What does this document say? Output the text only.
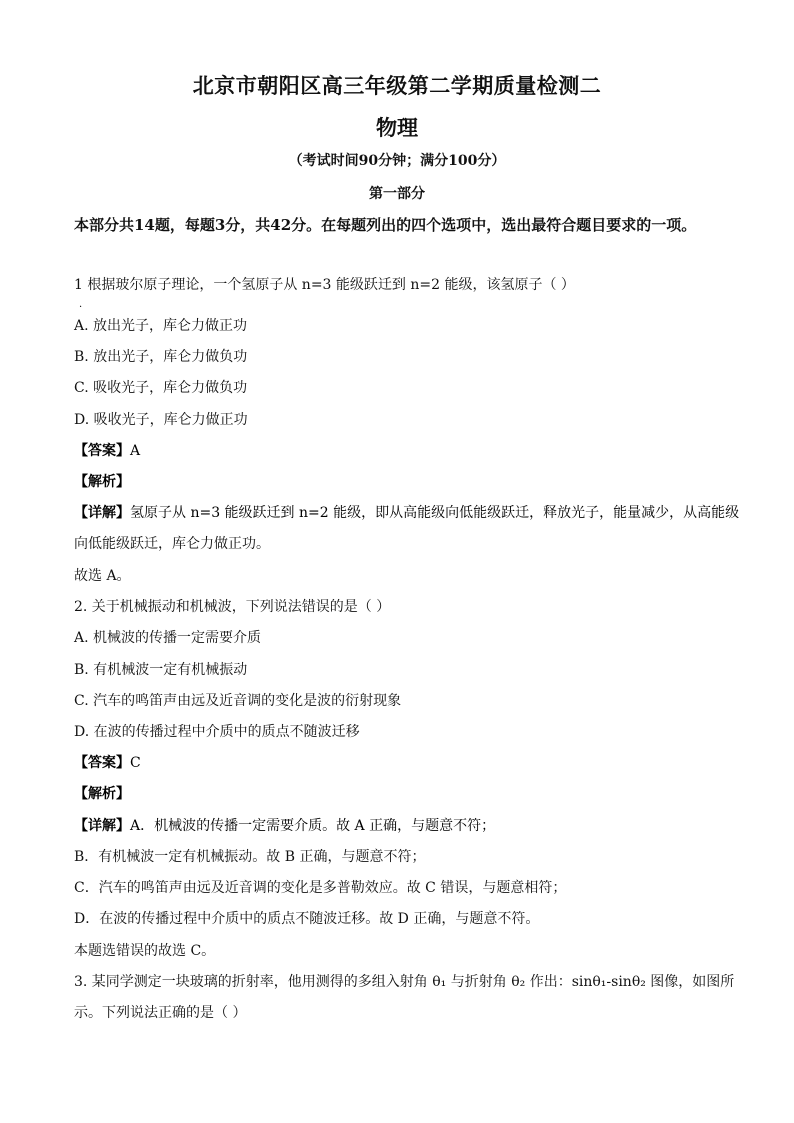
北京市朝阳区高三年级第二学期质量检测二
物理
（考试时间90分钟；满分100分）
第一部分
本部分共14题，每题3分，共42分。在每题列出的四个选项中，选出最符合题目要求的一项。
1 根据玻尔原子理论，一个氢原子从 n=3 能级跃迁到 n=2 能级，该氢原子（ ）
·
A. 放出光子，库仑力做正功
B. 放出光子，库仑力做负功
C. 吸收光子，库仑力做负功
D. 吸收光子，库仑力做正功
【答案】A
【解析】
【详解】氢原子从 n=3 能级跃迁到 n=2 能级，即从高能级向低能级跃迁，释放光子，能量减少，从高能级
向低能级跃迁，库仑力做正功。
故选 A。
2. 关于机械振动和机械波，下列说法错误的是（ ）
A. 机械波的传播一定需要介质
B. 有机械波一定有机械振动
C. 汽车的鸣笛声由远及近音调的变化是波的衍射现象
D. 在波的传播过程中介质中的质点不随波迁移
【答案】C
【解析】
【详解】A．机械波的传播一定需要介质。故 A 正确，与题意不符；
B．有机械波一定有机械振动。故 B 正确，与题意不符；
C．汽车的鸣笛声由远及近音调的变化是多普勒效应。故 C 错误，与题意相符；
D．在波的传播过程中介质中的质点不随波迁移。故 D 正确，与题意不符。
本题选错误的故选 C。
3. 某同学测定一块玻璃的折射率，他用测得的多组入射角 θ₁ 与折射角 θ₂ 作出：sinθ₁-sinθ₂ 图像，如图所
示。下列说法正确的是（ ）
